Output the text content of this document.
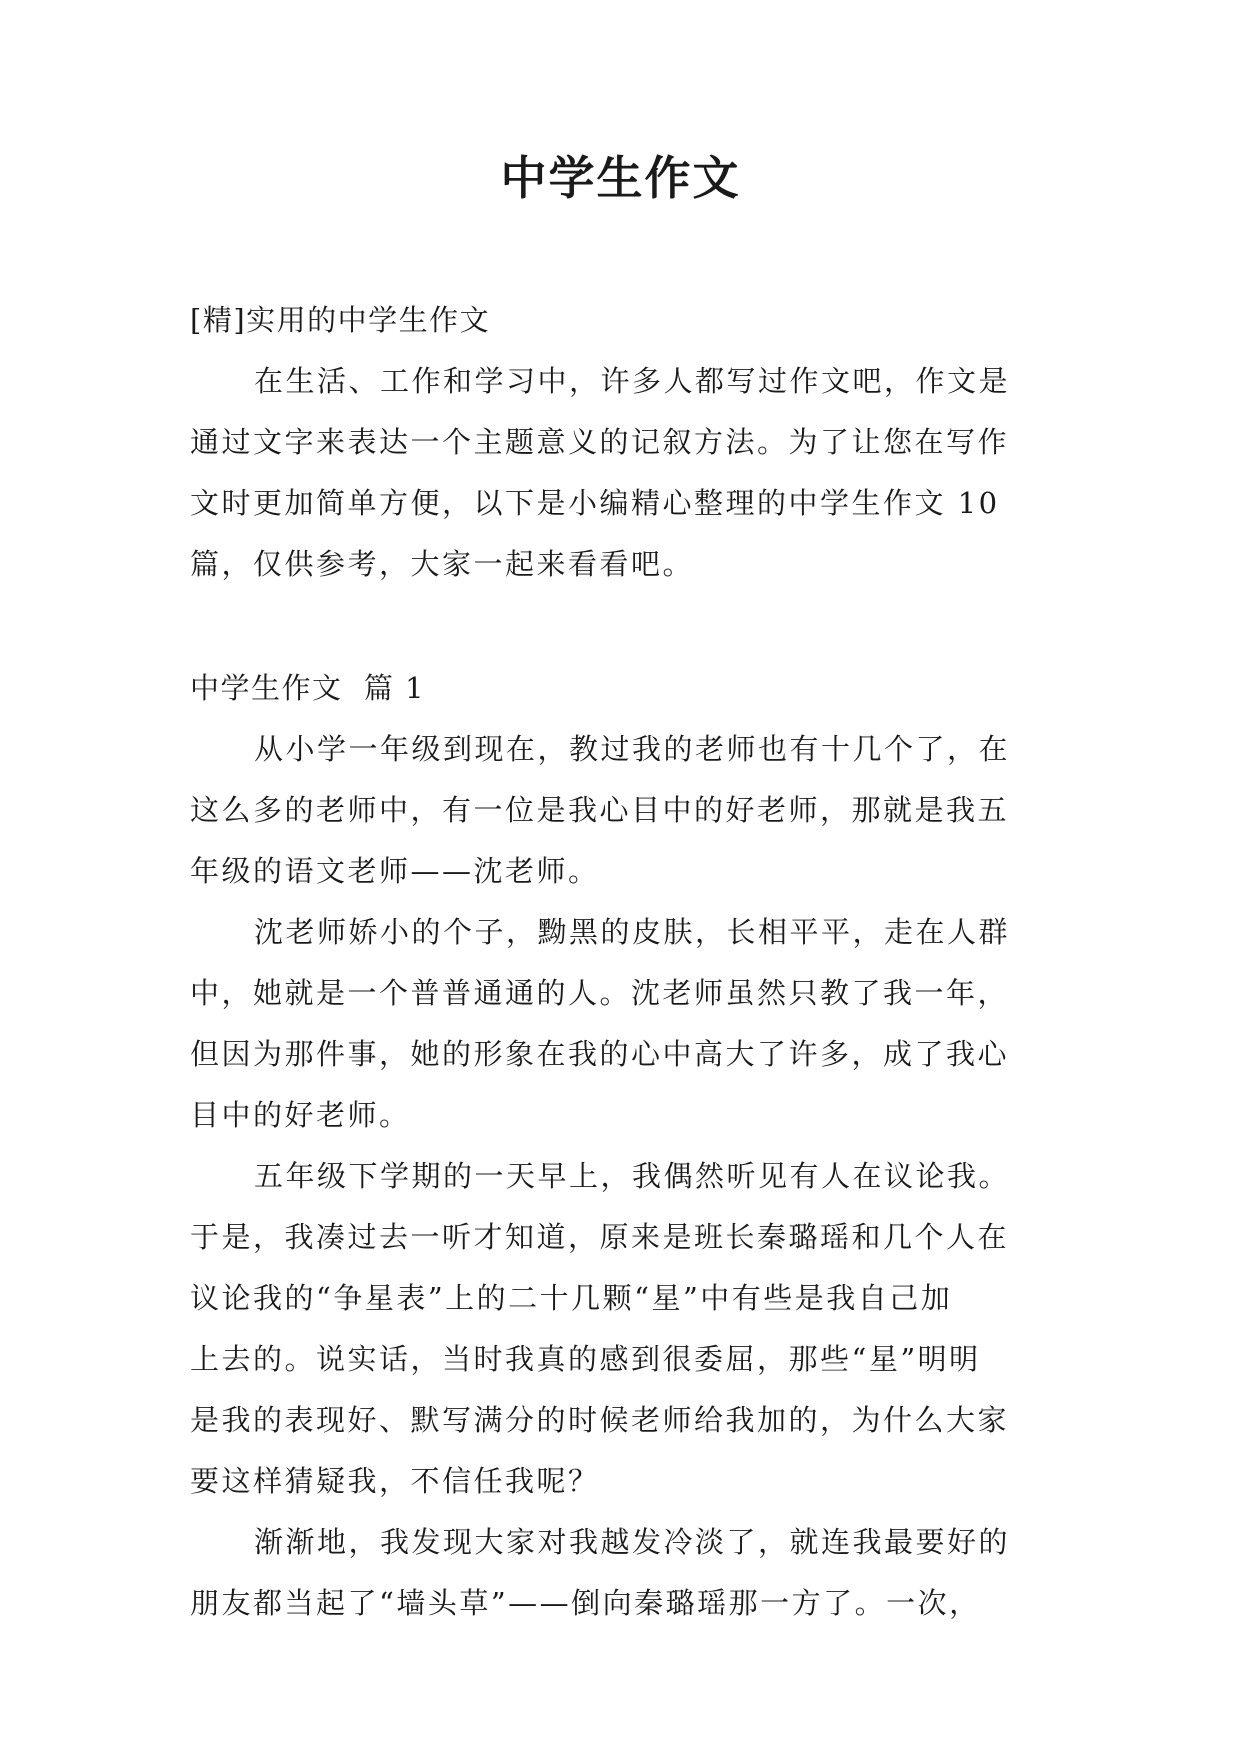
中学生作文
[精]实用的中学生作文
在生活、工作和学习中，许多人都写过作文吧，作文是
通过文字来表达一个主题意义的记叙方法。为了让您在写作
文时更加简单方便，以下是小编精心整理的中学生作文 10
篇，仅供参考，大家一起来看看吧。
中学生作文  篇 1
从小学一年级到现在，教过我的老师也有十几个了，在
这么多的老师中，有一位是我心目中的好老师，那就是我五
年级的语文老师——沈老师。
沈老师娇小的个子，黝黑的皮肤，长相平平，走在人群
中，她就是一个普普通通的人。沈老师虽然只教了我一年，
但因为那件事，她的形象在我的心中高大了许多，成了我心
目中的好老师。
五年级下学期的一天早上，我偶然听见有人在议论我。
于是，我凑过去一听才知道，原来是班长秦璐瑶和几个人在
议论我的“争星表”上的二十几颗“星”中有些是我自己加
上去的。说实话，当时我真的感到很委屈，那些“星”明明
是我的表现好、默写满分的时候老师给我加的，为什么大家
要这样猜疑我，不信任我呢？
渐渐地，我发现大家对我越发冷淡了，就连我最要好的
朋友都当起了“墙头草”——倒向秦璐瑶那一方了。一次，
